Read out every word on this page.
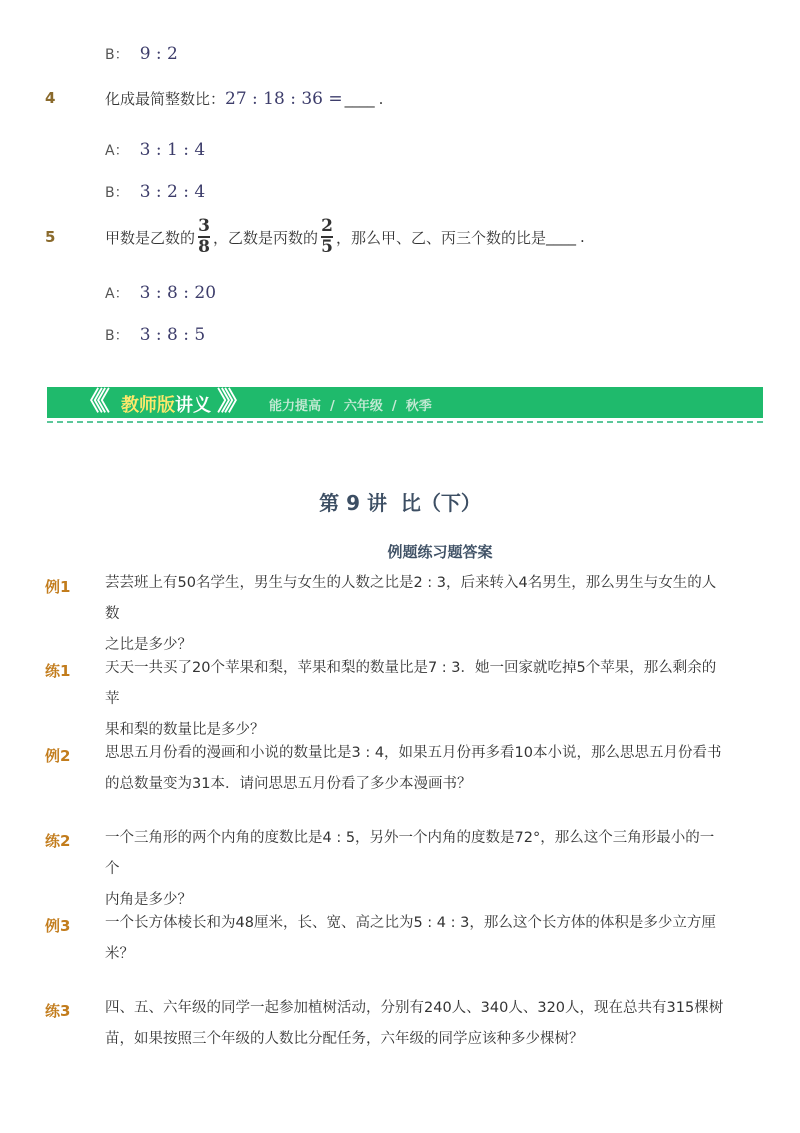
B： 9 : 2
4	化成最简整数比：27 : 18 : 36 = ____ .
A： 3 : 1 : 4
B： 3 : 2 : 4
5	甲数是乙数的 $\frac{3}{8}$ ，乙数是丙数的 $\frac{2}{5}$ ，那么甲、乙、丙三个数的比是 ____ .
A： 3 : 8 : 20
B： 3 : 8 : 5
《《 教师版讲义 》》 能力提高  /  六年级  /  秋季
第 9 讲  比（下）
例题练习题答案
例1 芸芸班上有50名学生，男生与女生的人数之比是2 : 3，后来转入4名男生，那么男生与女生的人数
之比是多少？
练1 天天一共买了20个苹果和梨，苹果和梨的数量比是7 : 3．她一回家就吃掉5个苹果，那么剩余的苹
果和梨的数量比是多少？
例2 思思五月份看的漫画和小说的数量比是3 : 4，如果五月份再多看10本小说，那么思思五月份看书
的总数量变为31本．请问思思五月份看了多少本漫画书？
练2 一个三角形的两个内角的度数比是4 : 5，另外一个内角的度数是72°，那么这个三角形最小的一个
内角是多少？
例3 一个长方体棱长和为48厘米，长、宽、高之比为5 : 4 : 3，那么这个长方体的体积是多少立方厘
米？
练3 四、五、六年级的同学一起参加植树活动，分别有240人、340人、320人，现在总共有315棵树
苗，如果按照三个年级的人数比分配任务，六年级的同学应该种多少棵树？
